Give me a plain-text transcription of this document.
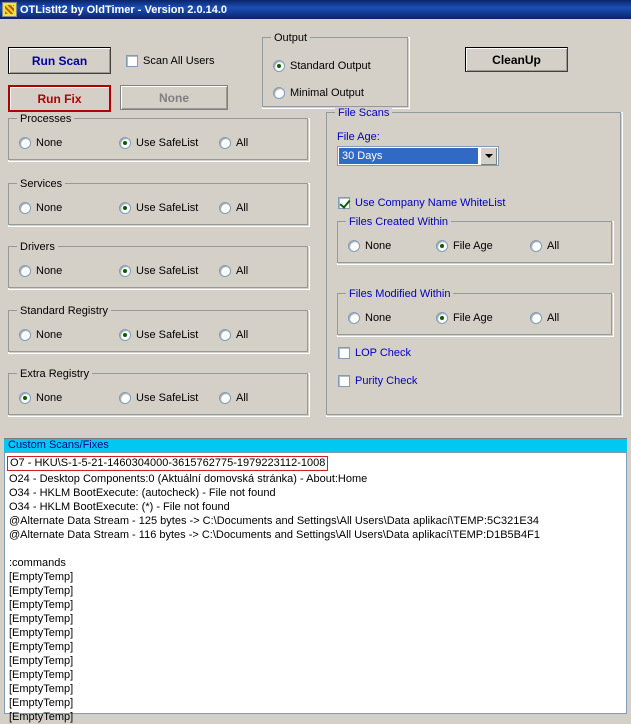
OTListIt2 by OldTimer - Version 2.0.14.0
Run Scan
Run Fix	None
CleanUp
Scan All Users
Output
Standard Output
Minimal Output
Processes
None	Use SafeList	All
Services
None	Use SafeList	All
Drivers
None	Use SafeList	All
Standard Registry
None	Use SafeList	All
Extra Registry
None	Use SafeList	All
File Scans
File Age:
30 Days
Use Company Name WhiteList
Files Created Within
None	File Age	All
Files Modified Within
None	File Age	All
LOP Check
Purity Check
Custom Scans/Fixes
O7 - HKU\S-1-5-21-1460304000-3615762775-1979223112-1008
O24 - Desktop Components:0 (Aktuální domovská stránka) - About:Home
O34 - HKLM BootExecute: (autocheck) - File not found
O34 - HKLM BootExecute: (*) - File not found
@Alternate Data Stream - 125 bytes -> C:\Documents and Settings\All Users\Data aplikací\TEMP:5C321E34
@Alternate Data Stream - 116 bytes -> C:\Documents and Settings\All Users\Data aplikací\TEMP:D1B5B4F1
:commands
[EmptyTemp]
[EmptyTemp]
[EmptyTemp]
[EmptyTemp]
[EmptyTemp]
[EmptyTemp]
[EmptyTemp]
[EmptyTemp]
[EmptyTemp]
[EmptyTemp]
[EmptyTemp]
